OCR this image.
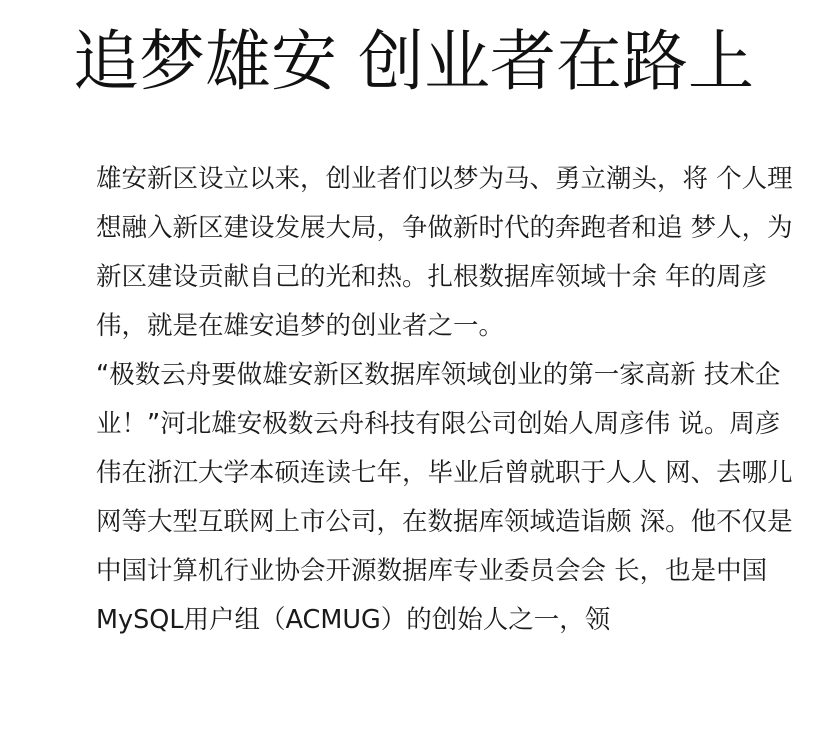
追梦雄安 创业者在路上
雄安新区设立以来，创业者们以梦为马、勇立潮头，将 个人理想融入新区建设发展大局，争做新时代的奔跑者和追 梦人，为新区建设贡献自己的光和热。扎根数据库领域十余 年的周彦伟，就是在雄安追梦的创业者之一。
“极数云舟要做雄安新区数据库领域创业的第一家高新 技术企业！”河北雄安极数云舟科技有限公司创始人周彦伟 说。周彦伟在浙江大学本硕连读七年，毕业后曾就职于人人 网、去哪儿网等大型互联网上市公司，在数据库领域造诣颇 深。他不仅是中国计算机行业协会开源数据库专业委员会会 长，也是中国MySQL用户组（ACMUG）的创始人之一，领
